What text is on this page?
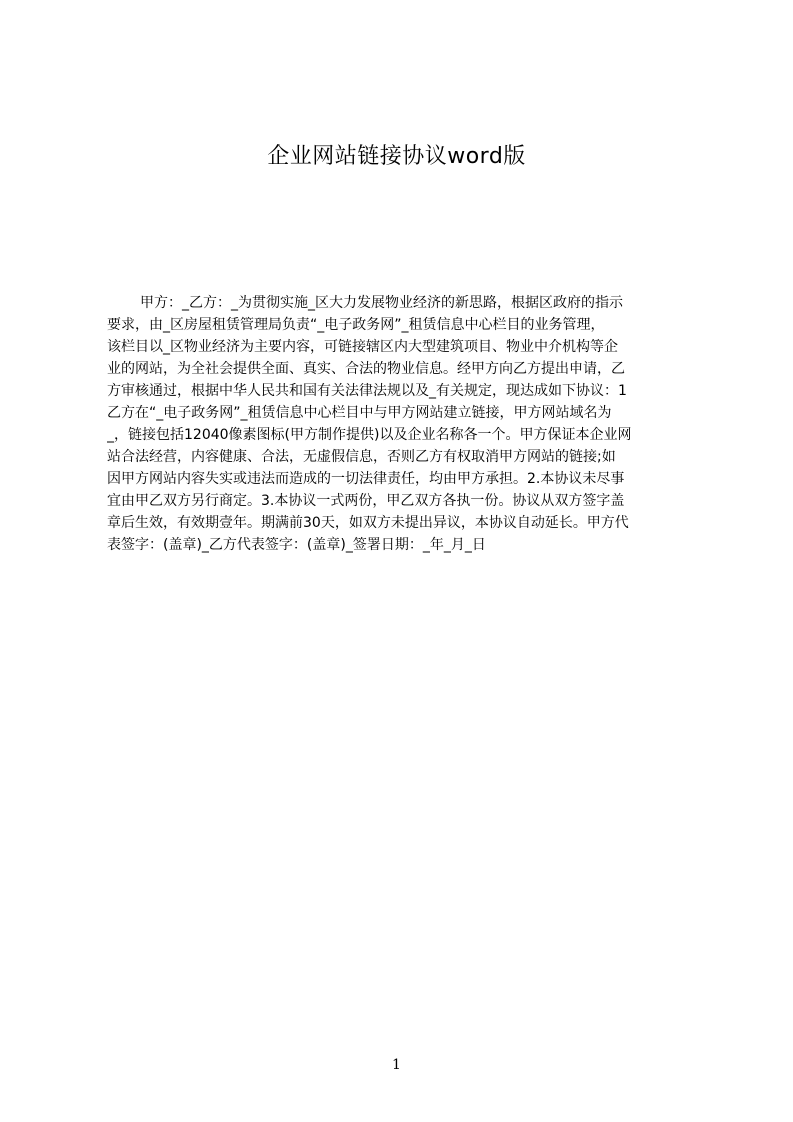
企业网站链接协议word版
甲方：_乙方：_为贯彻实施_区大力发展物业经济的新思路，根据区政府的指示
要求，由_区房屋租赁管理局负责“_电子政务网”_租赁信息中心栏目的业务管理，
该栏目以_区物业经济为主要内容，可链接辖区内大型建筑项目、物业中介机构等企
业的网站，为全社会提供全面、真实、合法的物业信息。经甲方向乙方提出申请，乙
方审核通过，根据中华人民共和国有关法律法规以及_有关规定，现达成如下协议：1
乙方在“_电子政务网”_租赁信息中心栏目中与甲方网站建立链接，甲方网站域名为
_，链接包括12040像素图标(甲方制作提供)以及企业名称各一个。甲方保证本企业网
站合法经营，内容健康、合法，无虚假信息，否则乙方有权取消甲方网站的链接;如
因甲方网站内容失实或违法而造成的一切法律责任，均由甲方承担。2.本协议未尽事
宜由甲乙双方另行商定。3.本协议一式两份，甲乙双方各执一份。协议从双方签字盖
章后生效，有效期壹年。期满前30天，如双方未提出异议，本协议自动延长。甲方代
表签字：(盖章)_乙方代表签字：(盖章)_签署日期：_年_月_日
1
